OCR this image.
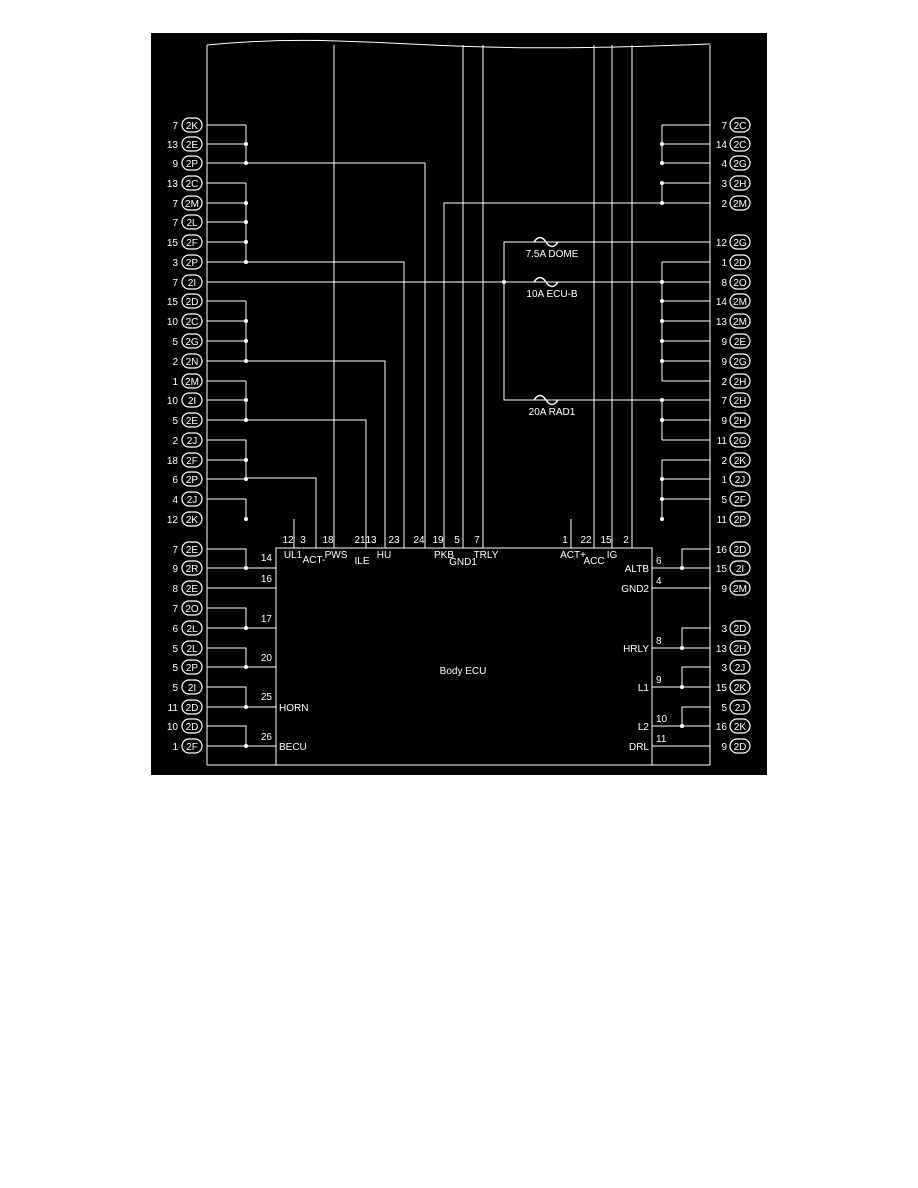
Body ECU
2K
7
2E
13
2P
9
2C
13
2M
7
2L
7
2F
15
2P
3
2I
7
2D
15
2C
10
2G
5
2N
2
2M
1
2I
10
2E
5
2J
2
2F
18
2P
6
2J
4
2K
12
2E
7
2R
9
2E
8
2O
7
2L
6
2L
5
2P
5
2I
5
2D
11
2D
10
2F
1
2C
7
2C
14
2G
4
2H
3
2M
2
2G
12
2D
1
2O
8
2M
14
2M
13
2E
9
2G
9
2H
2
2H
7
2H
9
2G
11
2K
2
2J
1
2F
5
2P
11
2D
16
2I
15
2M
9
2D
3
2H
13
2J
3
2K
15
2J
5
2K
16
2D
9
12 3 18 21 13 23 24 19 5 7	1 22 15 2
UL1 ACT- PWS
ILE
HU	PKB
GND1
TRLY	ACT+
ACC
IG
7.5A DOME
10A ECU-B
20A RAD1
14
16
17
20
25
HORN
26
BECU
6
ALTB
4
GND2
8
HRLY
9
L1
10
L2
11
DRL
